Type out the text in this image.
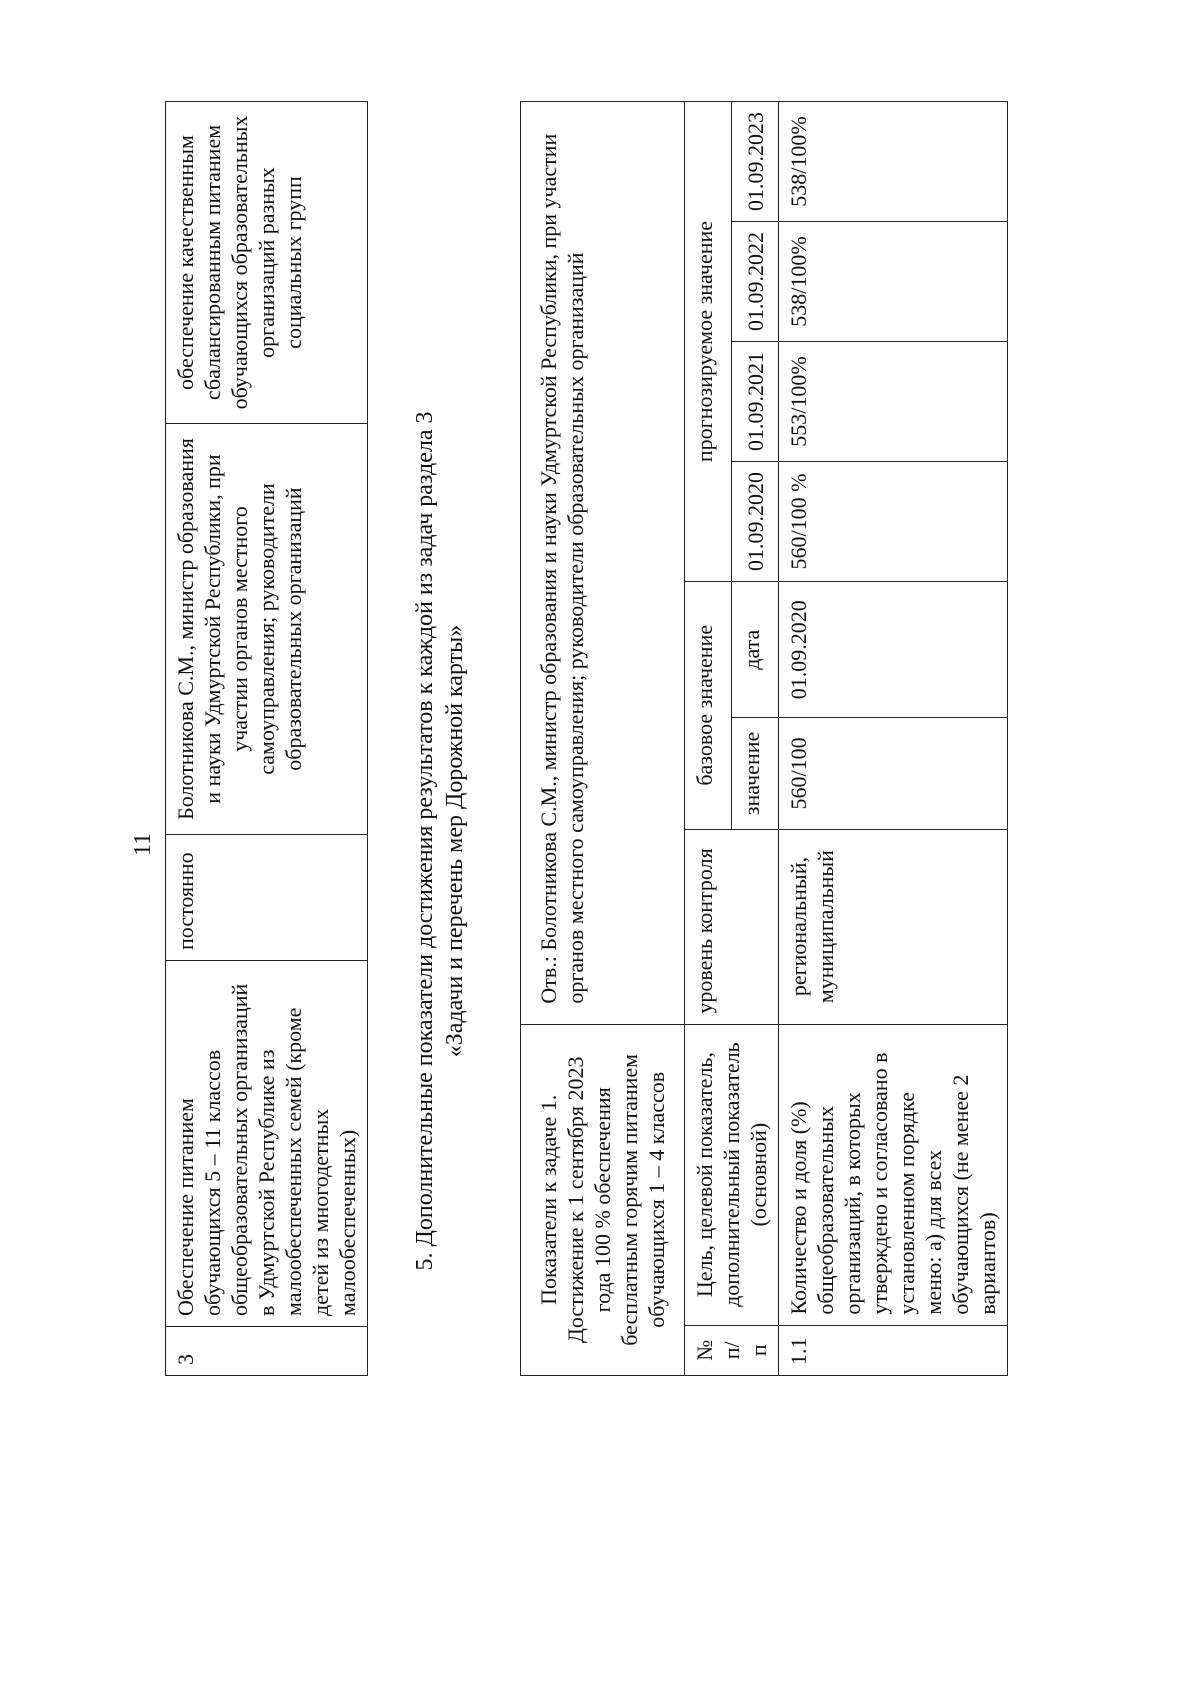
11
3	Обеспечение питанием обучающихся 5 – 11 классов общеобразовательных организаций в Удмуртской Республике из малообеспеченных семей (кроме детей из многодетных малообеспеченных)	постоянно	Болотникова С.М., министр образования и науки Удмуртской Республики, при участии органов местного самоуправления; руководители образовательных организаций	обеспечение качественным сбалансированным питанием обучающихся образовательных организаций разных социальных групп
5. Дополнительные показатели достижения результатов к каждой из задач раздела 3 «Задачи и перечень мер Дорожной карты»
Показатели к задаче 1. Достижение к 1 сентября 2023 года 100 % обеспечения бесплатным горячим питанием обучающихся 1 – 4 классов		Отв.: Болотникова С.М., министр образования и науки Удмуртской Республики, при участии органов местного самоуправления; руководители образовательных организаций						
№ п/п	Цель, целевой показатель, дополнительный показатель (основной)	уровень контроля	базовое значение		прогнозируемое значение			
			значение	дата	01.09.2020	01.09.2021	01.09.2022	01.09.2023
1.1	Количество и доля (%) общеобразовательных организаций, в которых утверждено и согласовано в установленном порядке меню: а) для всех обучающихся (не менее 2 вариантов)	региональный, муниципальный	560/100	01.09.2020	560/100 %	553/100%	538/100%	538/100%
